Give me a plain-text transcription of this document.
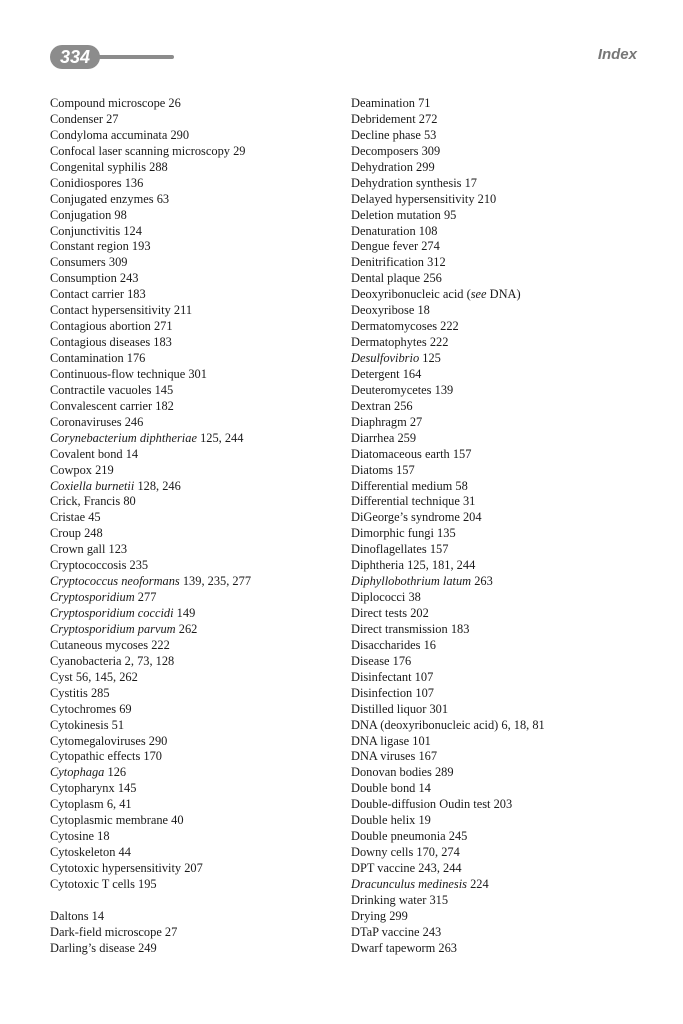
334	Index
Compound microscope 26
Condenser 27
Condyloma accuminata 290
Confocal laser scanning microscopy 29
Congenital syphilis 288
Conidiospores 136
Conjugated enzymes 63
Conjugation 98
Conjunctivitis 124
Constant region 193
Consumers 309
Consumption 243
Contact carrier 183
Contact hypersensitivity 211
Contagious abortion 271
Contagious diseases 183
Contamination 176
Continuous-flow technique 301
Contractile vacuoles 145
Convalescent carrier 182
Coronaviruses 246
Corynebacterium diphtheriae 125, 244
Covalent bond 14
Cowpox 219
Coxiella burnetii 128, 246
Crick, Francis 80
Cristae 45
Croup 248
Crown gall 123
Cryptococcosis 235
Cryptococcus neoformans 139, 235, 277
Cryptosporidium 277
Cryptosporidium coccidi 149
Cryptosporidium parvum 262
Cutaneous mycoses 222
Cyanobacteria 2, 73, 128
Cyst 56, 145, 262
Cystitis 285
Cytochromes 69
Cytokinesis 51
Cytomegaloviruses 290
Cytopathic effects 170
Cytophaga 126
Cytopharynx 145
Cytoplasm 6, 41
Cytoplasmic membrane 40
Cytosine 18
Cytoskeleton 44
Cytotoxic hypersensitivity 207
Cytotoxic T cells 195
Daltons 14
Dark-field microscope 27
Darling’s disease 249
Deamination 71
Debridement 272
Decline phase 53
Decomposers 309
Dehydration 299
Dehydration synthesis 17
Delayed hypersensitivity 210
Deletion mutation 95
Denaturation 108
Dengue fever 274
Denitrification 312
Dental plaque 256
Deoxyribonucleic acid (see DNA)
Deoxyribose 18
Dermatomycoses 222
Dermatophytes 222
Desulfovibrio 125
Detergent 164
Deuteromycetes 139
Dextran 256
Diaphragm 27
Diarrhea 259
Diatomaceous earth 157
Diatoms 157
Differential medium 58
Differential technique 31
DiGeorge’s syndrome 204
Dimorphic fungi 135
Dinoflagellates 157
Diphtheria 125, 181, 244
Diphyllobothrium latum 263
Diplococci 38
Direct tests 202
Direct transmission 183
Disaccharides 16
Disease 176
Disinfectant 107
Disinfection 107
Distilled liquor 301
DNA (deoxyribonucleic acid) 6, 18, 81
DNA ligase 101
DNA viruses 167
Donovan bodies 289
Double bond 14
Double-diffusion Oudin test 203
Double helix 19
Double pneumonia 245
Downy cells 170, 274
DPT vaccine 243, 244
Dracunculus medinesis 224
Drinking water 315
Drying 299
DTaP vaccine 243
Dwarf tapeworm 263
